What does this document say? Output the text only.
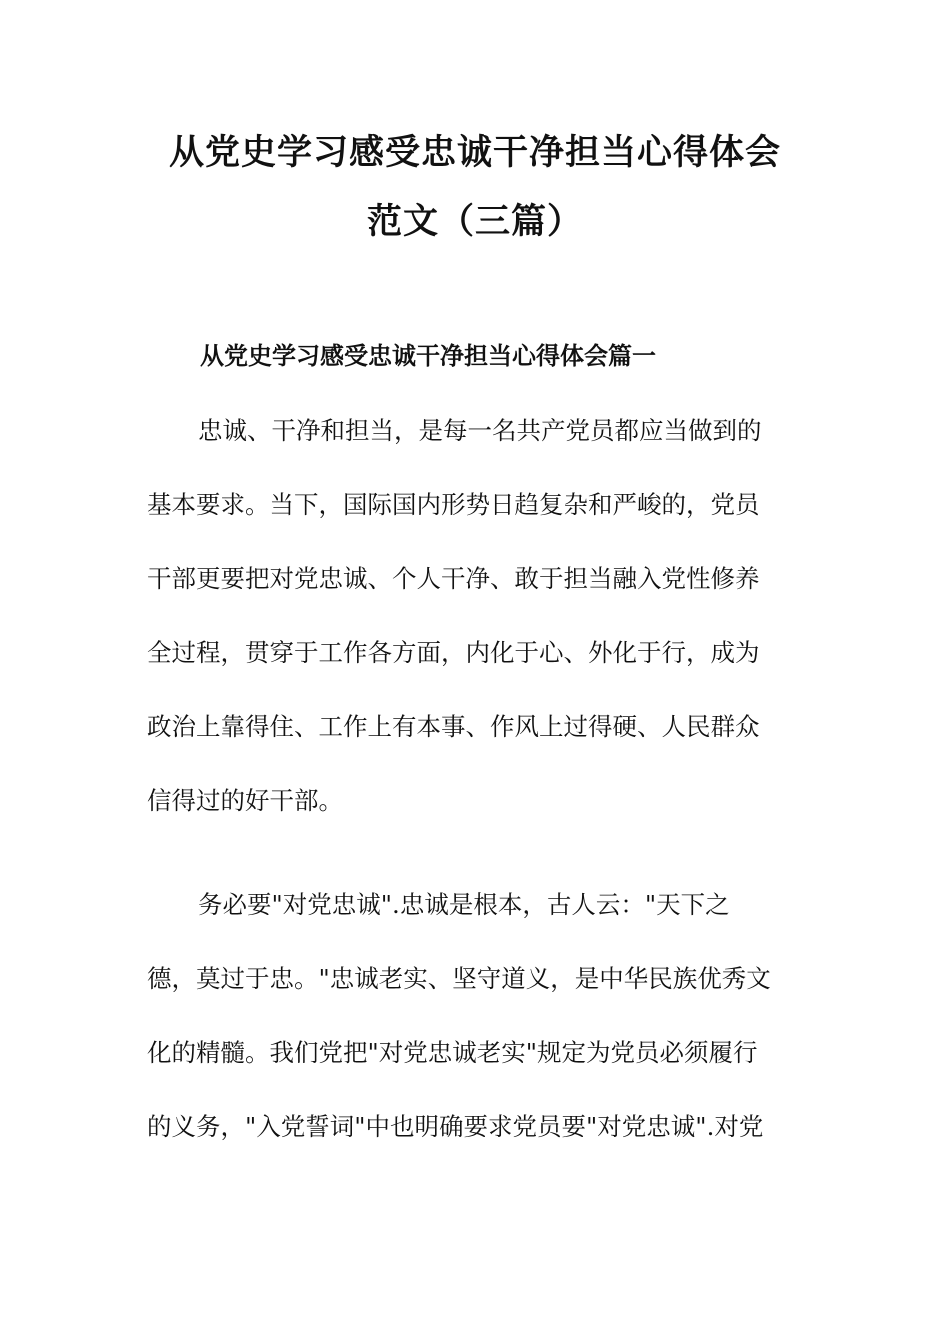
从党史学习感受忠诚干净担当心得体会
范文（三篇）
从党史学习感受忠诚干净担当心得体会篇一

忠诚、干净和担当，是每一名共产党员都应当做到的

基本要求。当下，国际国内形势日趋复杂和严峻的，党员

干部更要把对党忠诚、个人干净、敢于担当融入党性修养

全过程，贯穿于工作各方面，内化于心、外化于行，成为

政治上靠得住、工作上有本事、作风上过得硬、人民群众

信得过的好干部。

务必要"对党忠诚".忠诚是根本，古人云："天下之

德，莫过于忠。"忠诚老实、坚守道义，是中华民族优秀文

化的精髓。我们党把"对党忠诚老实"规定为党员必须履行

的义务，"入党誓词"中也明确要求党员要"对党忠诚".对党
